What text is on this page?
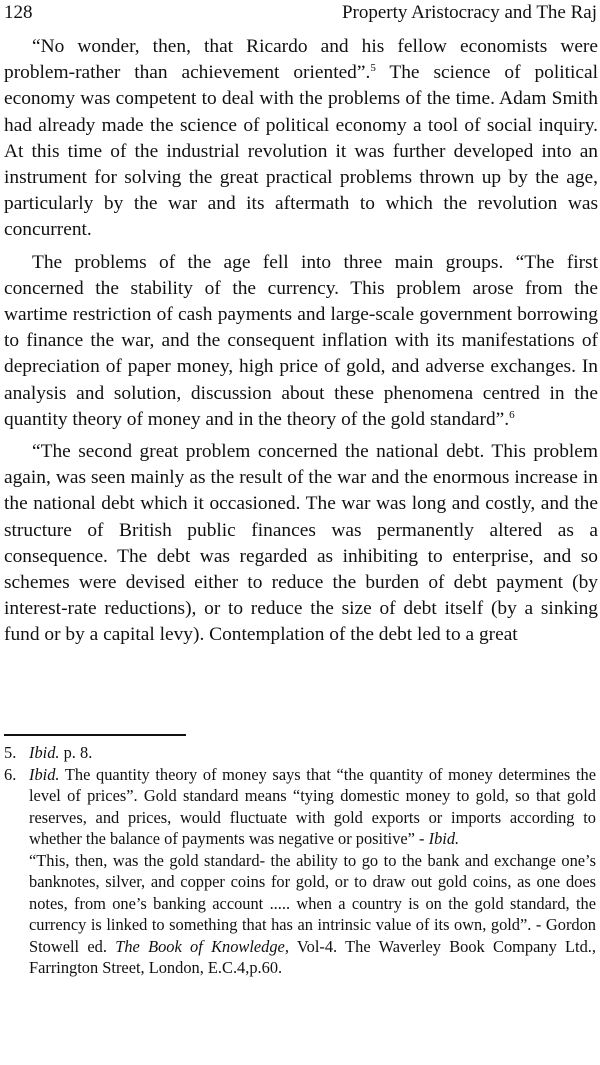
128	Property Aristocracy and The Raj

“No wonder, then, that Ricardo and his fellow economists were problem-rather than achievement oriented”.$^5$ The science of political economy was competent to deal with the problems of the time. Adam Smith had already made the science of political economy a tool of social inquiry. At this time of the industrial revolution it was further developed into an instrument for solving the great practical problems thrown up by the age, particularly by the war and its aftermath to which the revolution was concurrent.

The problems of the age fell into three main groups. “The first concerned the stability of the currency. This problem arose from the wartime restriction of cash payments and large-scale government borrowing to finance the war, and the consequent inflation with its manifestations of depreciation of paper money, high price of gold, and adverse exchanges. In analysis and solution, discussion about these phenomena centred in the quantity theory of money and in the theory of the gold standard”.$^6$

“The second great problem concerned the national debt. This problem again, was seen mainly as the result of the war and the enormous increase in the national debt which it occasioned. The war was long and costly, and the structure of British public finances was permanently altered as a consequence. The debt was regarded as inhibiting to enterprise, and so schemes were devised either to reduce the burden of debt payment (by interest-rate reductions), or to reduce the size of debt itself (by a sinking fund or by a capital levy). Contemplation of the debt led to a great

5. Ibid. p. 8.
6. Ibid. The quantity theory of money says that “the quantity of money determines the level of prices”. Gold standard means “tying domestic money to gold, so that gold reserves, and prices, would fluctuate with gold exports or imports according to whether the balance of payments was negative or positive” - Ibid.
“This, then, was the gold standard- the ability to go to the bank and exchange one’s banknotes, silver, and copper coins for gold, or to draw out gold coins, as one does notes, from one’s banking account ..... when a country is on the gold standard, the currency is linked to something that has an intrinsic value of its own, gold”. - Gordon Stowell ed. The Book of Knowledge, Vol-4. The Waverley Book Company Ltd., Farrington Street, London, E.C.4,p.60.
